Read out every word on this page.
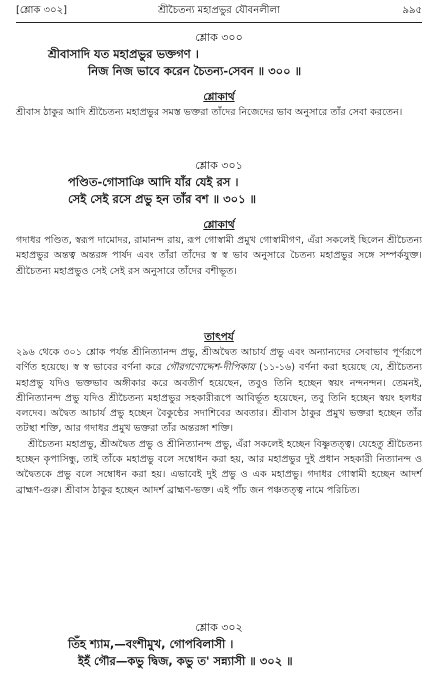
[শ্লোক ৩০২]	শ্রীচৈতন্য মহাপ্রভুর যৌবনলীলা	৯৯৫
শ্লোক ৩০০
শ্রীবাসাদি যত মহাপ্রভুর ভক্তগণ ।
নিজ নিজ ভাবে করেন চৈতন্য-সেবন ॥ ৩০০ ॥
শ্লোকার্থ
শ্রীবাস ঠাকুর আদি শ্রীচৈতন্য মহাপ্রভুর সমস্ত ভক্তরা তাঁদের নিজেদের ভাব অনুসারে তাঁর সেবা করতেন।
শ্লোক ৩০১
পণ্ডিত-গোসাঞি আদি যাঁর যেই রস ।
সেই সেই রসে প্রভু হন তাঁর বশ ॥ ৩০১ ॥
শ্লোকার্থ
গদাধর পণ্ডিত, স্বরূপ দামোদর, রামানন্দ রায়, রূপ গোস্বামী প্রমুখ গোস্বামীগণ, এঁরা সকলেই ছিলেন শ্রীচৈতন্য মহাপ্রভুর অন্তত্ব অন্তরঙ্গ পার্ষদ এবং তাঁরা তাঁদের স্ব স্ব ভাব অনুসারে চৈতন্য মহাপ্রভুর সঙ্গে সম্পর্কযুক্ত। শ্রীচৈতন্য মহাপ্রভুও সেই সেই রস অনুসারে তাঁদের বশীভূত।
তাৎপর্য
২৯৬ থেকে ৩০১ শ্লোক পর্যন্ত শ্রীনিত্যানন্দ প্রভু, শ্রীঅদ্বৈত আচার্য প্রভু এবং অন্যান্যদের সেবাভাব পূর্ণরূপে বর্ণিত হয়েছে। স্ব স্ব ভাবের বর্ণনা করে গৌরগণোদ্দেশ-দীপিকায় (১১-১৬) বর্ণনা করা হয়েছে যে, শ্রীচৈতন্য মহাপ্রভু যদিও ভক্তভাব অঙ্গীকার করে অবতীর্ণ হয়েছেন, তবুও তিনি হচ্ছেন স্বয়ং নন্দনন্দন। তেমনই, শ্রীনিত্যানন্দ প্রভু যদিও শ্রীচৈতন্য মহাপ্রভুর সহকারীরূপে আবির্ভূত হয়েছেন, তবু তিনি হচ্ছেন স্বয়ং হলধর বলদেব। অদ্বৈত আচার্য প্রভু হচ্ছেন বৈকুণ্ঠের সদাশিবের অবতার। শ্রীবাস ঠাকুর প্রমুখ ভক্তরা হচ্ছেন তাঁর তটস্থা শক্তি, আর গদাধর প্রমুখ ভক্তরা তাঁর অন্তরঙ্গা শক্তি।
শ্রীচৈতন্য মহাপ্রভু, শ্রীঅদ্বৈত প্রভু ও শ্রীনিত্যানন্দ প্রভু, এঁরা সকলেই হচ্ছেন বিষ্ণুতত্ত্ব। যেহেতু শ্রীচৈতন্য হচ্ছেন কৃপাসিন্ধু, তাই তাঁকে মহাপ্রভু বলে সম্বোধন করা হয়, আর মহাপ্রভুর দুই প্রধান সহকারী নিত্যানন্দ ও অদ্বৈতকে প্রভু বলে সম্বোধন করা হয়। এভাবেই দুই প্রভু ও এক মহাপ্রভু। গদাধর গোস্বামী হচ্ছেন আদর্শ ব্রাহ্মণ-গুরু। শ্রীবাস ঠাকুর হচ্ছেন আদর্শ ব্রাহ্মণ-ভক্ত। এই পাঁচ জন পঞ্চতত্ত্ব নামে পরিচিত।
শ্লোক ৩০২
তিঁহ শ্যাম,—বংশীমুখ, গোপবিলাসী ।
ইহঁ গৌর—কভু দ্বিজ, কভু ত' সন্ন্যাসী ॥ ৩০২ ॥
